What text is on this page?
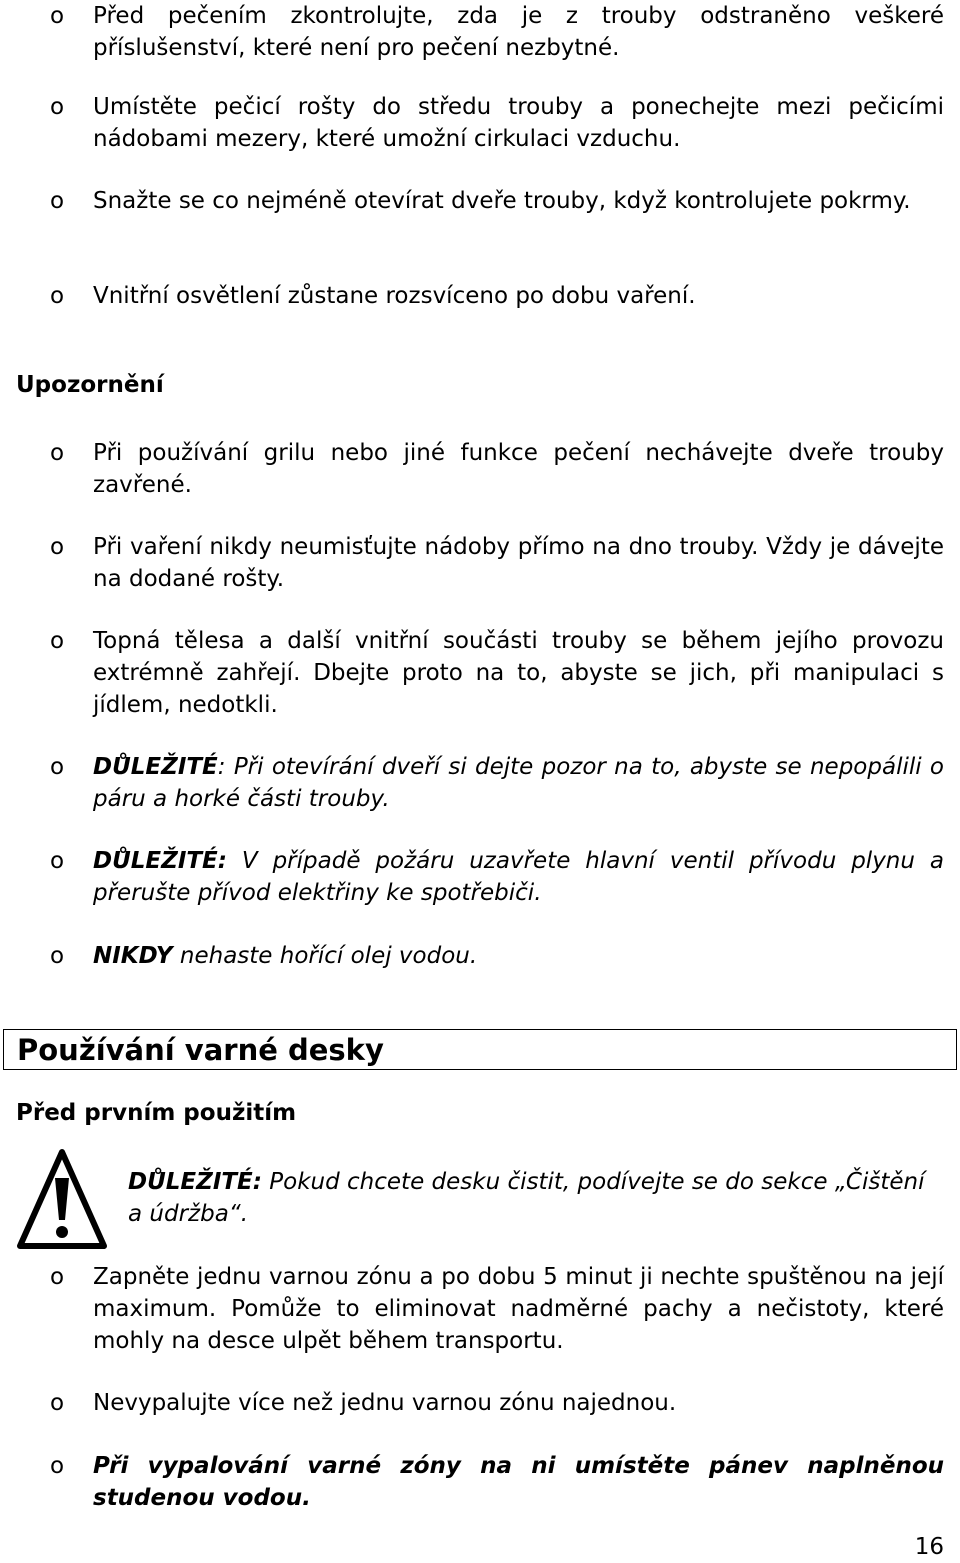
o Před pečením zkontrolujte, zda je z trouby odstraněno veškeré příslušenství, které není pro pečení nezbytné.
o Umístěte pečicí rošty do středu trouby a ponechejte mezi pečicími nádobami mezery, které umožní cirkulaci vzduchu.
o Snažte se co nejméně otevírat dveře trouby, když kontrolujete pokrmy.
o Vnitřní osvětlení zůstane rozsvíceno po dobu vaření.
Upozornění
o Při používání grilu nebo jiné funkce pečení nechávejte dveře trouby zavřené.
o Při vaření nikdy neumisťujte nádoby přímo na dno trouby. Vždy je dávejte na dodané rošty.
o Topná tělesa a další vnitřní součásti trouby se během jejího provozu extrémně zahřejí. Dbejte proto na to, abyste se jich, při manipulaci s jídlem, nedotkli.
o DŮLEŽITÉ: Při otevírání dveří si dejte pozor na to, abyste se nepopálili o páru a horké části trouby.
o DŮLEŽITÉ: V případě požáru uzavřete hlavní ventil přívodu plynu a přerušte přívod elektřiny ke spotřebiči.
o NIKDY nehaste hořící olej vodou.
Používání varné desky
Před prvním použitím
DŮLEŽITÉ: Pokud chcete desku čistit, podívejte se do sekce „Čištění a údržba“.
o Zapněte jednu varnou zónu a po dobu 5 minut ji nechte spuštěnou na její maximum. Pomůže to eliminovat nadměrné pachy a nečistoty, které mohly na desce ulpět během transportu.
o Nevypalujte více než jednu varnou zónu najednou.
o Při vypalování varné zóny na ni umístěte pánev naplněnou studenou vodou.
16
